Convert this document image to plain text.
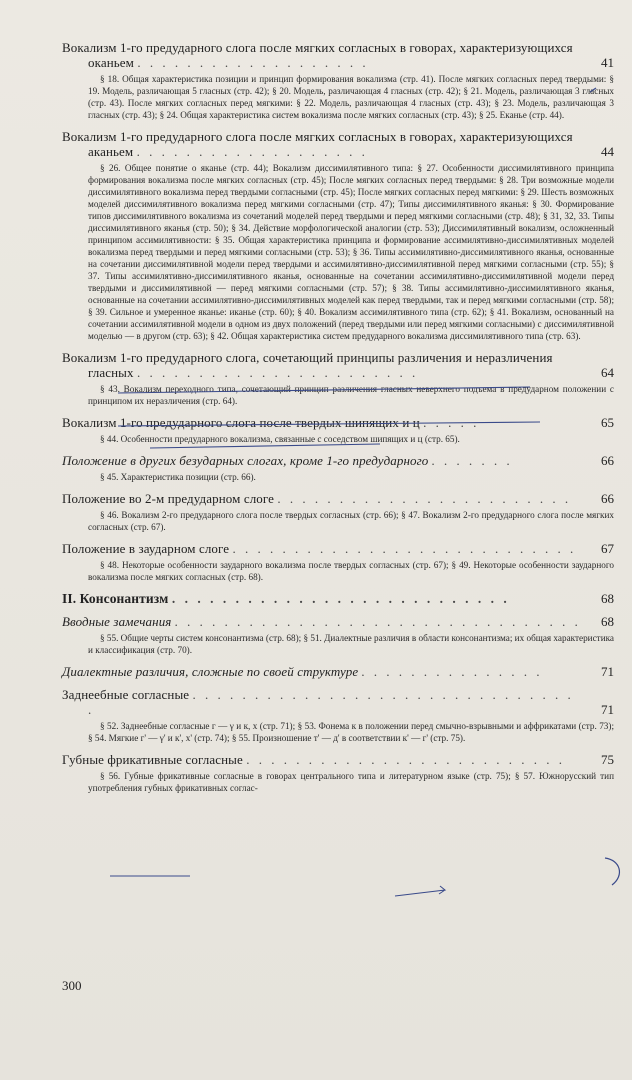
Вокализм 1-го предударного слога после мягких согласных в говорах, характеризующихся оканьем . . . . . . . . . . . . . . . . . . .	41
§ 18. Общая характеристика позиции и принцип формирования вокализма (стр. 41). После мягких согласных перед твердыми: § 19. Модель, различающая 5 гласных (стр. 42); § 20. Модель, различающая 4 гласных (стр. 42); § 21. Модель, различающая 3 гласных (стр. 43). После мягких согласных перед мягкими: § 22. Модель, различающая 4 гласных (стр. 43); § 23. Модель, различающая 3 гласных (стр. 43); § 24. Общая характеристика систем вокализма после мягких согласных (стр. 43); § 25. Еканье (стр. 44).
Вокализм 1-го предударного слога после мягких согласных в говорах, характеризующихся аканьем . . . . . . . . . . . . . . . . . . .	44
§ 26. Общее понятие о яканье (стр. 44); Вокализм диссимилятивного типа: § 27. Особенности диссимилятивного принципа формирования вокализма после мягких согласных (стр. 45); После мягких согласных перед твердыми: § 28. Три возможные модели диссимилятивного вокализма перед твердыми согласными (стр. 45); После мягких согласных перед мягкими: § 29. Шесть возможных моделей диссимилятивного вокализма перед мягкими согласными (стр. 47); Типы диссимилятивного яканья: § 30. Формирование типов диссимилятивного вокализма из сочетаний моделей перед твердыми и перед мягкими согласными (стр. 48); § 31, 32, 33. Типы диссимилятивного яканья (стр. 50); § 34. Действие морфологической аналогии (стр. 53); Диссимилятивный вокализм, осложненный принципом ассимилятивности: § 35. Общая характеристика принципа и формирование ассимилятивно-диссимилятивных моделей вокализма перед твердыми и перед мягкими согласными (стр. 53); § 36. Типы ассимилятивно-диссимилятивного яканья, основанные на сочетании диссимилятивной модели перед твердыми и ассимилятивно-диссимилятивной перед мягкими согласными (стр. 55); § 37. Типы ассимилятивно-диссимилятивного яканья, основанные на сочетании ассимилятивно-диссимилятивной модели перед твердыми и диссимилятивной — перед мягкими согласными (стр. 57); § 38. Типы ассимилятивно-диссимилятивного яканья, основанные на сочетании ассимилятивно-диссимилятивных моделей как перед твердыми, так и перед мягкими согласными (стр. 58); § 39. Сильное и умеренное яканье: иканье (стр. 60); § 40. Вокализм ассимилятивного типа (стр. 62); § 41. Вокализм, основанный на сочетании ассимилятивной модели в одном из двух положений (перед твердыми или перед мягкими согласными) с диссимилятивной моделью — в другом (стр. 63); § 42. Общая характеристика систем предударного вокализма диссимилятивного типа (стр. 63).
Вокализм 1-го предударного слога, сочетающий принципы различения и неразличения гласных . . . . . . . . . . . . . . . . . . . . . . .	64
§ 43. Вокализм переходного типа, сочетающий принцип различения гласных неверхнего подъема в предударном положении с принципом их неразличения (стр. 64).
Вокализм 1-го предударного слога после твердых шипящих и ц . . . . .	65
§ 44. Особенности предударного вокализма, связанные с соседством шипящих и ц (стр. 65).
Положение в других безударных слогах, кроме 1-го предударного . . . . . . .	66
§ 45. Характеристика позиции (стр. 66).
Положение во 2-м предударном слоге . . . . . . . . . . . . . . . . . . . . . . . .	66
§ 46. Вокализм 2-го предударного слога после твердых согласных (стр. 66); § 47. Вокализм 2-го предударного слога после мягких согласных (стр. 67).
Положение в заударном слоге . . . . . . . . . . . . . . . . . . . . . . . . . . . .	67
§ 48. Некоторые особенности заударного вокализма после твердых согласных (стр. 67); § 49. Некоторые особенности заударного вокализма после мягких согласных (стр. 68).
II. Консонантизм . . . . . . . . . . . . . . . . . . . . . . . . . . .	68
Вводные замечания . . . . . . . . . . . . . . . . . . . . . . . . . . . . . . . . .	68
§ 55. Общие черты систем консонантизма (стр. 68); § 51. Диалектные различия в области консонантизма; их общая характеристика и классификация (стр. 70).
Диалектные различия, сложные по своей структуре . . . . . . . . . . . . . . .	71
Заднеебные согласные . . . . . . . . . . . . . . . . . . . . . . . . . . . . . . . .	71
§ 52. Заднеебные согласные г — γ и к, х (стр. 71); § 53. Фонема к в положении перед смычно-взрывными и аффрикатами (стр. 73); § 54. Мягкие г' — γ' и к', х' (стр. 74); § 55. Произношение т' — д' в соответствии к' — г' (стр. 75).
Губные фрикативные согласные . . . . . . . . . . . . . . . . . . . . . . . . . .	75
§ 56. Губные фрикативные согласные в говорах центрального типа и литературном языке (стр. 75); § 57. Южнорусский тип употребления губных фрикативных соглас-
300
